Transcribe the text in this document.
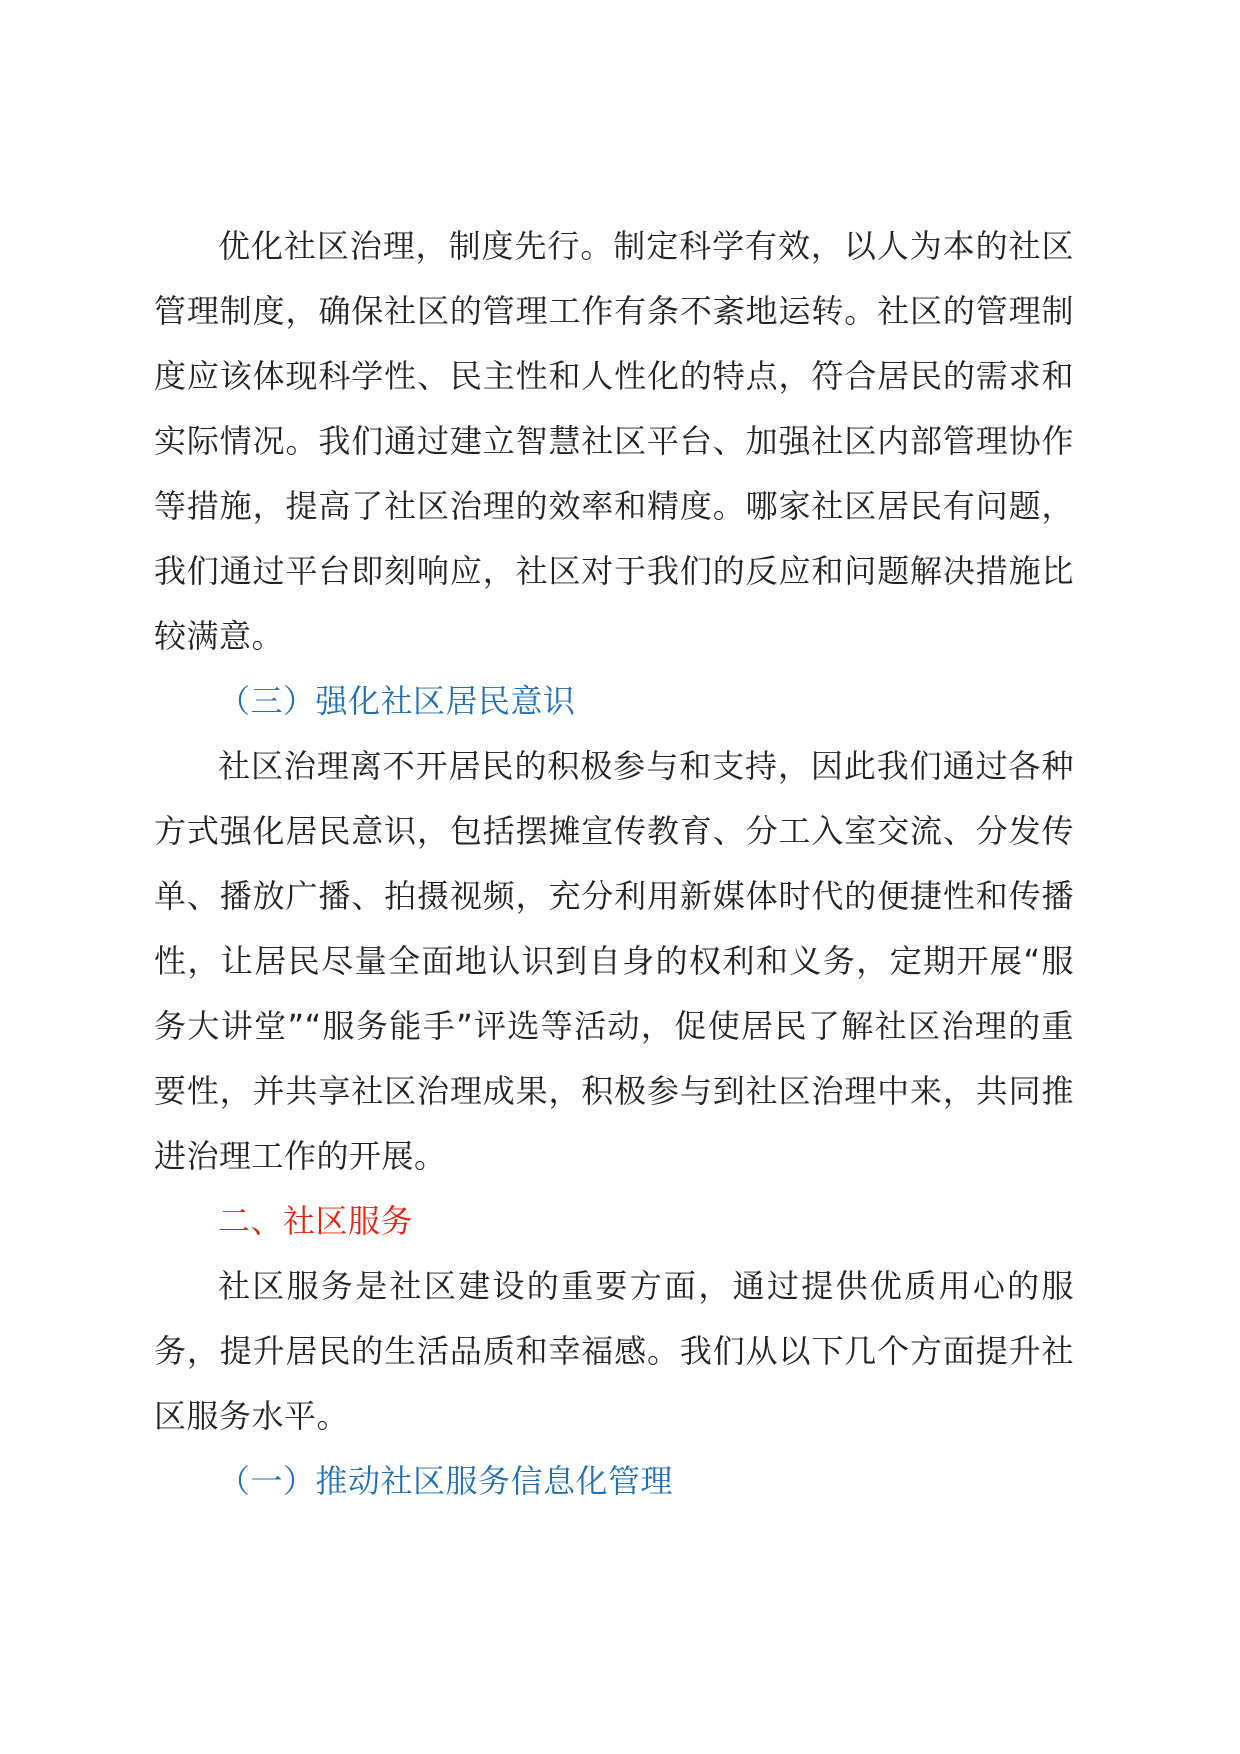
优化社区治理，制度先行。制定科学有效，以人为本的社区管理制度，确保社区的管理工作有条不紊地运转。社区的管理制度应该体现科学性、民主性和人性化的特点，符合居民的需求和实际情况。我们通过建立智慧社区平台、加强社区内部管理协作等措施，提高了社区治理的效率和精度。哪家社区居民有问题，我们通过平台即刻响应，社区对于我们的反应和问题解决措施比较满意。

（三）强化社区居民意识

社区治理离不开居民的积极参与和支持，因此我们通过各种方式强化居民意识，包括摆摊宣传教育、分工入室交流、分发传单、播放广播、拍摄视频，充分利用新媒体时代的便捷性和传播性，让居民尽量全面地认识到自身的权利和义务，定期开展“服务大讲堂”“服务能手”评选等活动，促使居民了解社区治理的重要性，并共享社区治理成果，积极参与到社区治理中来，共同推进治理工作的开展。

二、社区服务

社区服务是社区建设的重要方面，通过提供优质用心的服务，提升居民的生活品质和幸福感。我们从以下几个方面提升社区服务水平。

（一）推动社区服务信息化管理
